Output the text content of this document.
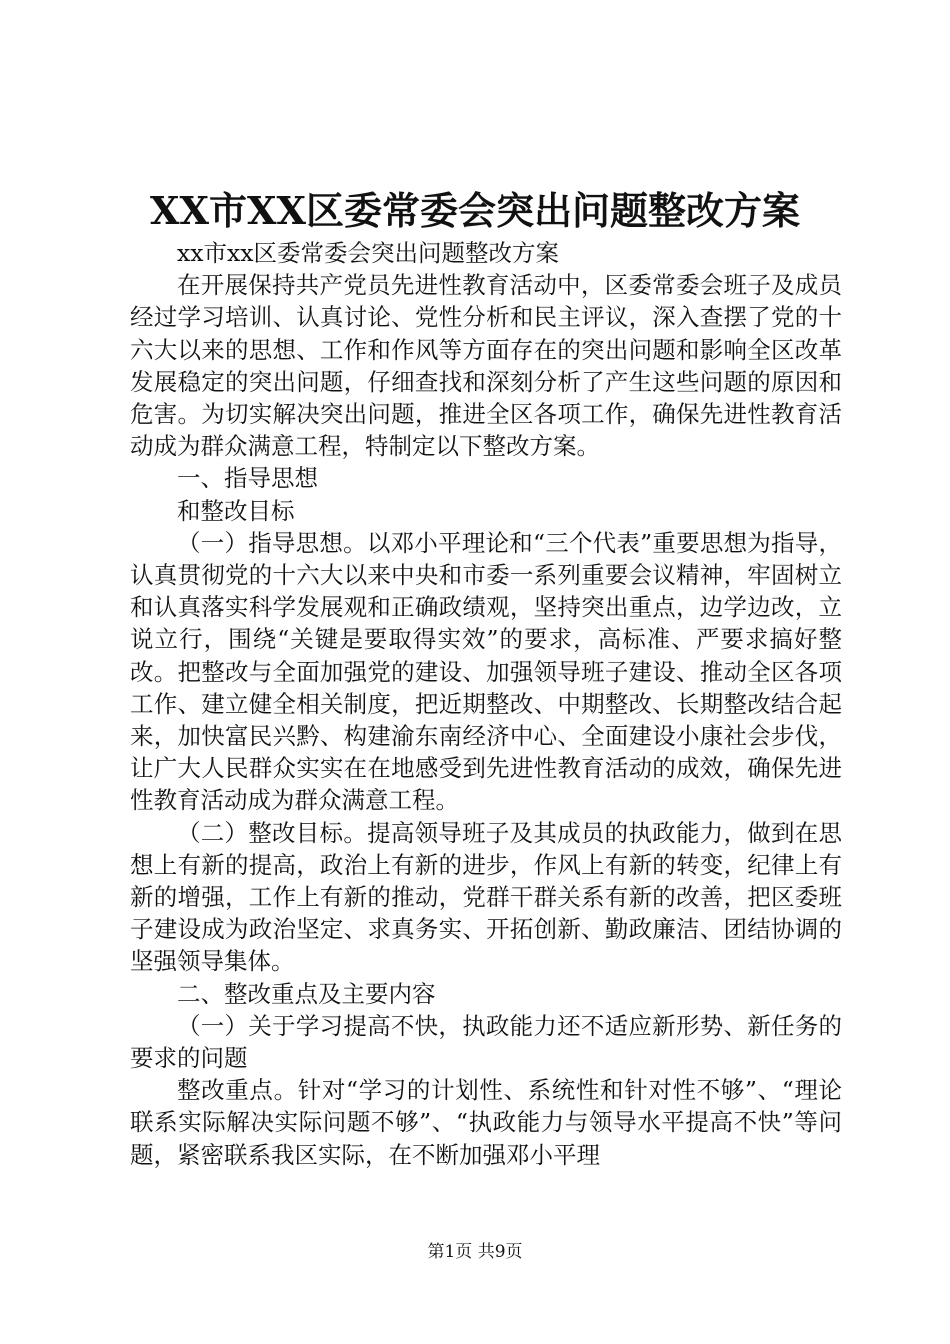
XX市XX区委常委会突出问题整改方案

xx市xx区委常委会突出问题整改方案

在开展保持共产党员先进性教育活动中，区委常委会班子及成员经过学习培训、认真讨论、党性分析和民主评议，深入查摆了党的十六大以来的思想、工作和作风等方面存在的突出问题和影响全区改革发展稳定的突出问题，仔细查找和深刻分析了产生这些问题的原因和危害。为切实解决突出问题，推进全区各项工作，确保先进性教育活动成为群众满意工程，特制定以下整改方案。

一、指导思想

和整改目标

（一）指导思想。以邓小平理论和“三个代表”重要思想为指导，认真贯彻党的十六大以来中央和市委一系列重要会议精神，牢固树立和认真落实科学发展观和正确政绩观，坚持突出重点，边学边改，立说立行，围绕“关键是要取得实效”的要求，高标准、严要求搞好整改。把整改与全面加强党的建设、加强领导班子建设、推动全区各项工作、建立健全相关制度，把近期整改、中期整改、长期整改结合起来，加快富民兴黔、构建渝东南经济中心、全面建设小康社会步伐，让广大人民群众实实在在地感受到先进性教育活动的成效，确保先进性教育活动成为群众满意工程。

（二）整改目标。提高领导班子及其成员的执政能力，做到在思想上有新的提高，政治上有新的进步，作风上有新的转变，纪律上有新的增强，工作上有新的推动，党群干群关系有新的改善，把区委班子建设成为政治坚定、求真务实、开拓创新、勤政廉洁、团结协调的坚强领导集体。

二、整改重点及主要内容

（一）关于学习提高不快，执政能力还不适应新形势、新任务的要求的问题

整改重点。针对“学习的计划性、系统性和针对性不够”、“理论联系实际解决实际问题不够”、“执政能力与领导水平提高不快”等问题，紧密联系我区实际，在不断加强邓小平理

第1页 共9页
